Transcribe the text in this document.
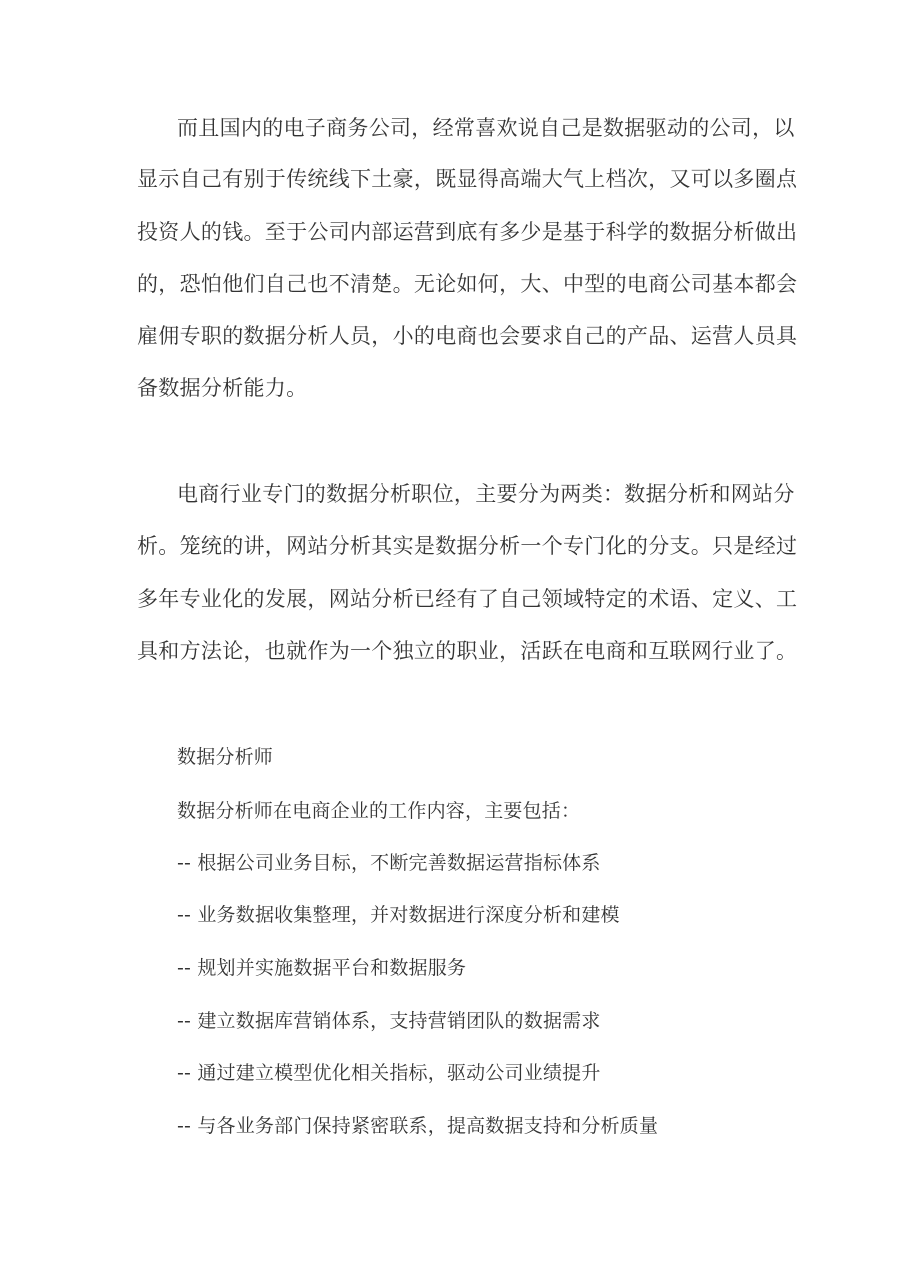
而且国内的电子商务公司，经常喜欢说自己是数据驱动的公司，以
显示自己有别于传统线下土豪，既显得高端大气上档次，又可以多圈点
投资人的钱。至于公司内部运营到底有多少是基于科学的数据分析做出
的，恐怕他们自己也不清楚。无论如何，大、中型的电商公司基本都会
雇佣专职的数据分析人员，小的电商也会要求自己的产品、运营人员具
备数据分析能力。
电商行业专门的数据分析职位，主要分为两类：数据分析和网站分
析。笼统的讲，网站分析其实是数据分析一个专门化的分支。只是经过
多年专业化的发展，网站分析已经有了自己领域特定的术语、定义、工
具和方法论，也就作为一个独立的职业，活跃在电商和互联网行业了。
数据分析师
数据分析师在电商企业的工作内容，主要包括：
-- 根据公司业务目标，不断完善数据运营指标体系
-- 业务数据收集整理，并对数据进行深度分析和建模
-- 规划并实施数据平台和数据服务
-- 建立数据库营销体系，支持营销团队的数据需求
-- 通过建立模型优化相关指标，驱动公司业绩提升
-- 与各业务部门保持紧密联系，提高数据支持和分析质量
